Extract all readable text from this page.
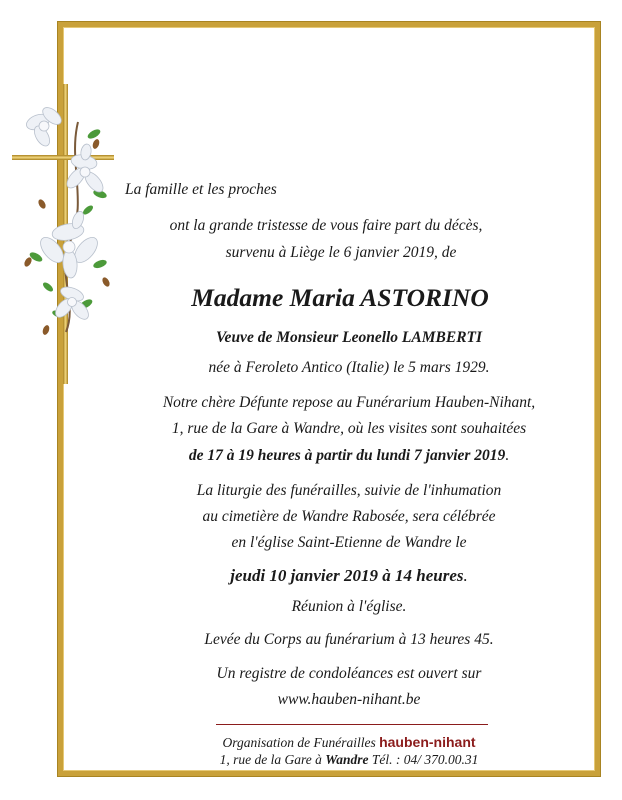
La famille et les proches
ont la grande tristesse de vous faire part du décès,
survenu à Liège le 6 janvier 2019, de
Madame Maria ASTORINO
Veuve de Monsieur Leonello LAMBERTI
née à Feroleto Antico (Italie) le 5 mars 1929.
Notre chère Défunte repose au Funérarium Hauben-Nihant,
1, rue de la Gare à Wandre, où les visites sont souhaitées
de 17 à 19 heures à partir du lundi 7 janvier 2019.
La liturgie des funérailles, suivie de l'inhumation
au cimetière de Wandre Rabosée, sera célébrée
en l'église Saint-Etienne de Wandre le
jeudi 10 janvier 2019 à 14 heures.
Réunion à l'église.
Levée du Corps au funérarium à 13 heures 45.
Un registre de condoléances est ouvert sur
www.hauben-nihant.be
Organisation de Funérailles hauben-nihant
1, rue de la Gare à Wandre Tél. : 04/ 370.00.31
